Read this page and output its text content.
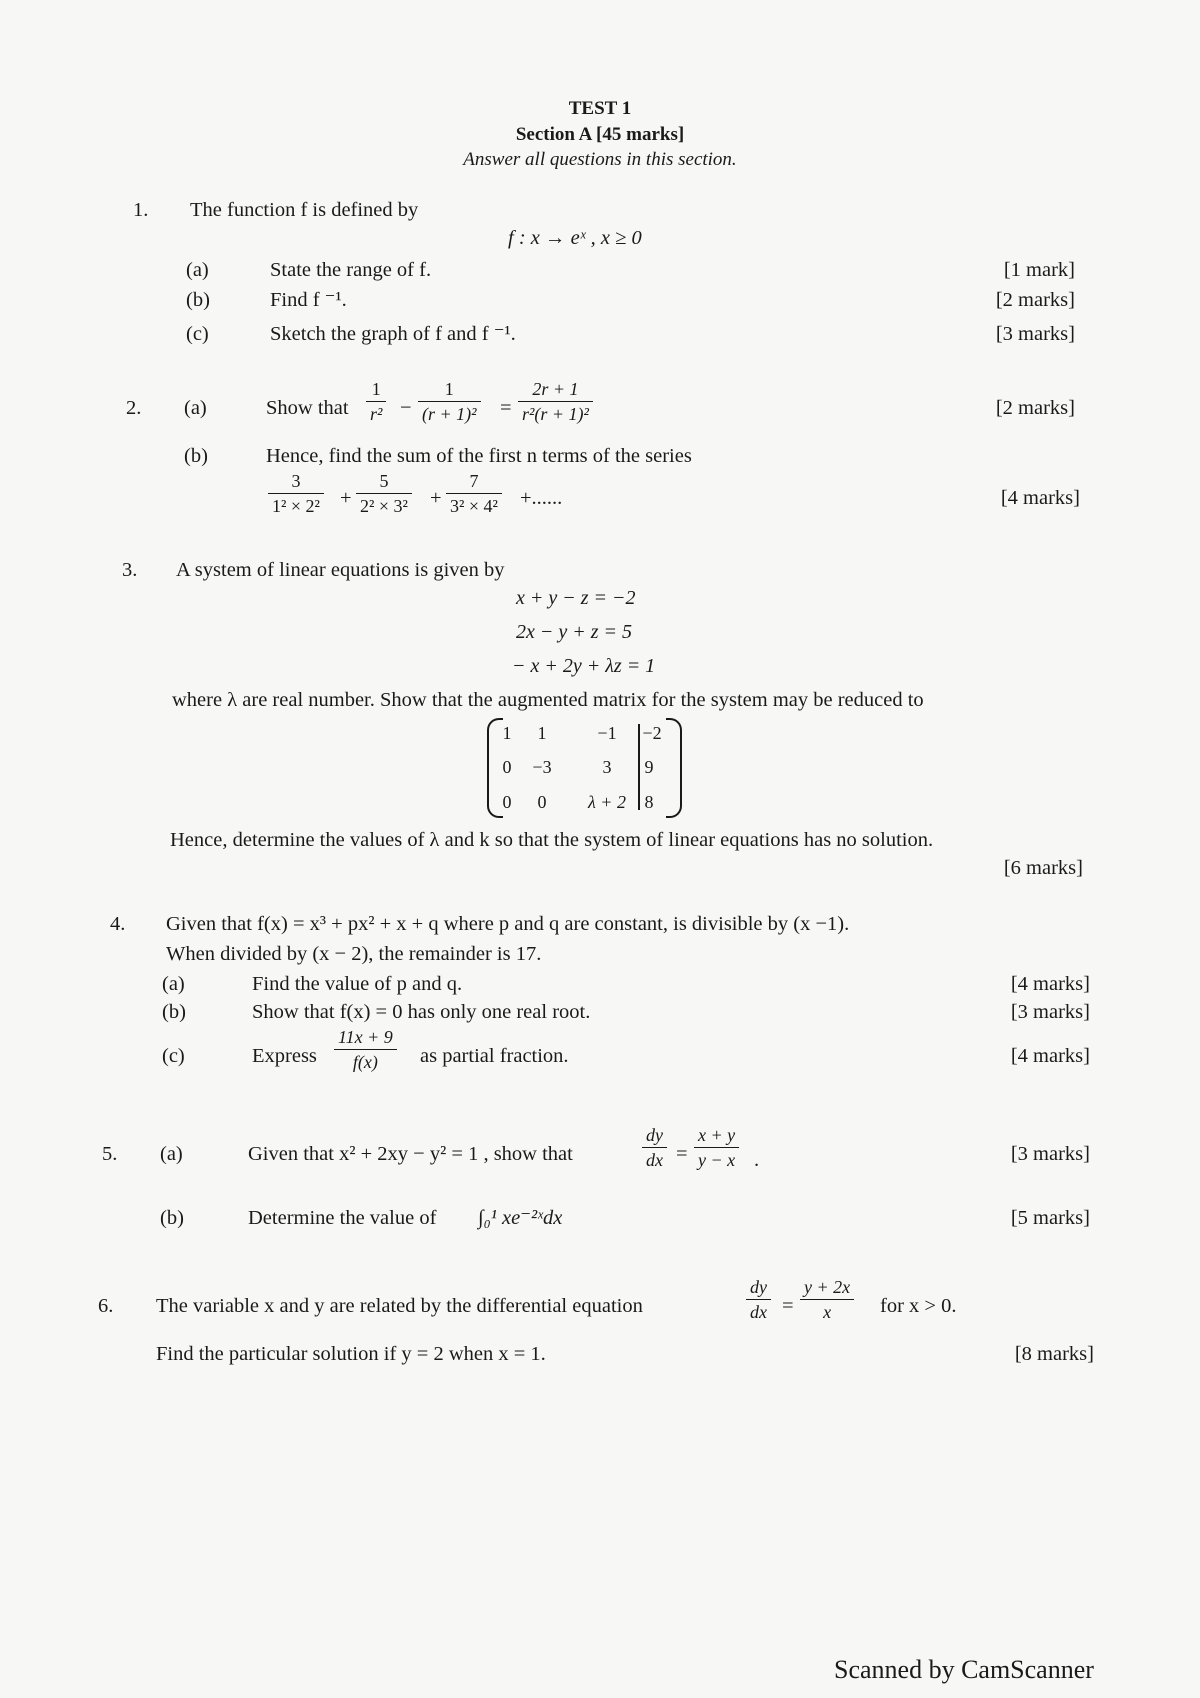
TEST 1
Section A [45 marks]
Answer all questions in this section.
1. The function f is defined by
f : x → eˣ , x ≥ 0
(a)	State the range of f.	[1 mark]
(b)	Find f ⁻¹.	[2 marks]
(c)	Sketch the graph of f and f ⁻¹.	[3 marks]
2. (a)	Show that $\frac{1}{\text{r²}} - \frac{1}{\text{(r + 1)²}} = \frac{2r + 1}{\text{r²(r + 1)²}}$	[2 marks]
(b)	Hence, find the sum of the first n terms of the series
$\frac{3}{\text{1² × 2²}} + \frac{5}{\text{2² × 3²}} + \frac{7}{\text{3² × 4²}}$ +......	[4 marks]
3. A system of linear equations is given by
x + y − z = −2
2x − y + z = 5
− x + 2y + λz = 1
where λ are real number. Show that the augmented matrix for the system may be reduced to
1	1	−1	−2
0	−3	3	9
0	0	λ + 2	8
Hence, determine the values of λ and k so that the system of linear equations has no solution.
[6 marks]
4. Given that f(x) = x³ + px² + x + q where p and q are constant, is divisible by (x −1).
When divided by (x − 2), the remainder is 17.
(a)	Find the value of p and q.	[4 marks]
(b)	Show that f(x) = 0 has only one real root.	[3 marks]
(c)	Express $\frac{11x + 9}{f(x)}$ as partial fraction.	[4 marks]
5. (a)	Given that x² + 2xy − y² = 1 , show that	$\frac{dy}{dx} = \frac{x + y}{y - x}$ .	[3 marks]
(b)	Determine the value of ∫₀¹ xe⁻²ˣdx	[5 marks]
6. The variable x and y are related by the differential equation	$\frac{dy}{dx} = \frac{y + 2x}{x}$ for x > 0.
Find the particular solution if y = 2 when x = 1.	[8 marks]
Scanned by CamScanner
